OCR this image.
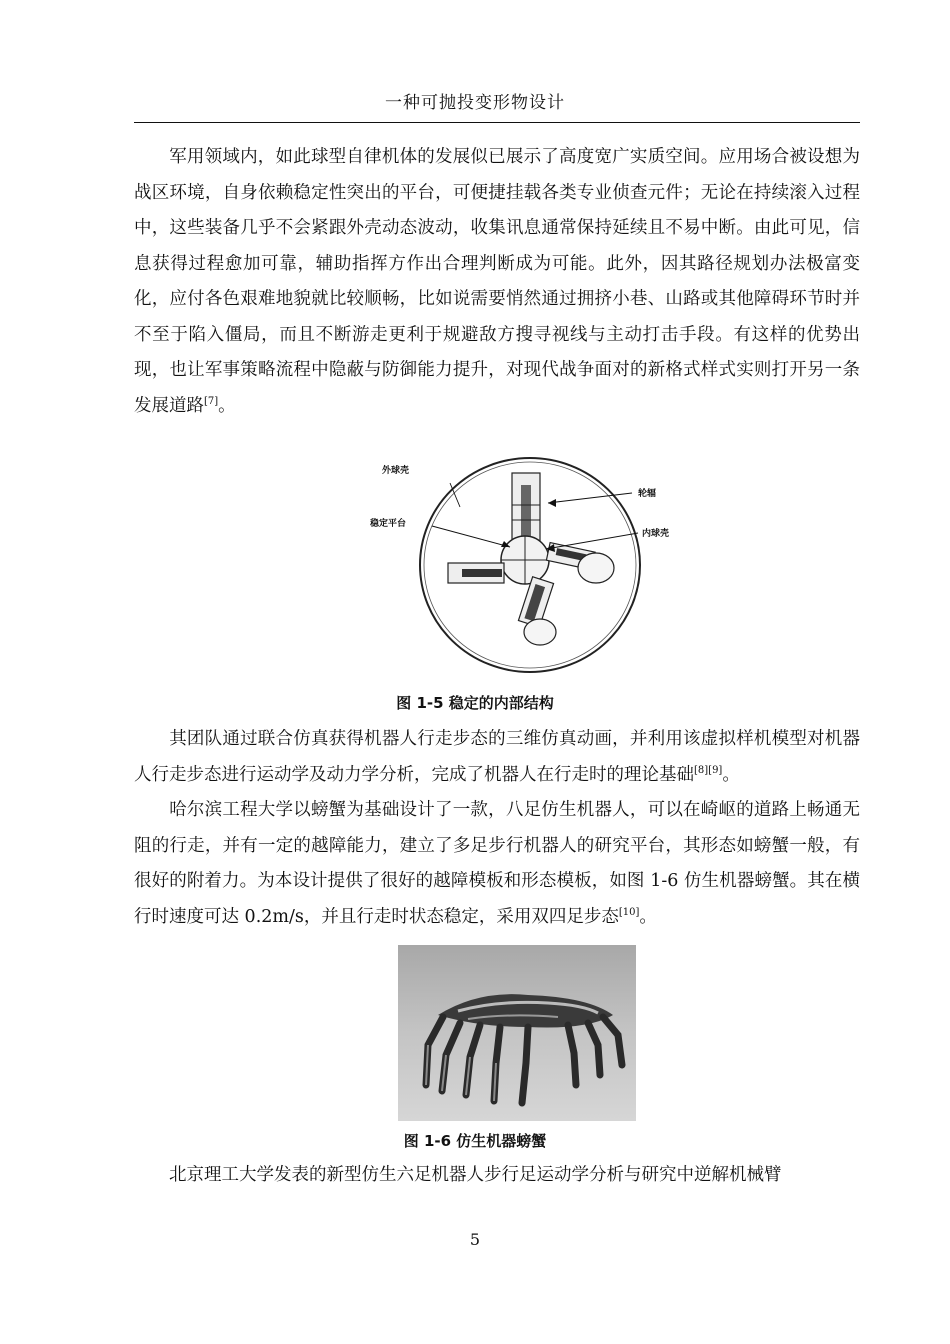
一种可抛投变形物设计

军用领域内，如此球型自律机体的发展似已展示了高度宽广实质空间。应用场合被设想为战区环境，自身依赖稳定性突出的平台，可便捷挂载各类专业侦查元件；无论在持续滚入过程中，这些装备几乎不会紧跟外壳动态波动，收集讯息通常保持延续且不易中断。由此可见，信息获得过程愈加可靠，辅助指挥方作出合理判断成为可能。此外，因其路径规划办法极富变化，应付各色艰难地貌就比较顺畅，比如说需要悄然通过拥挤小巷、山路或其他障碍环节时并不至于陷入僵局，而且不断游走更利于规避敌方搜寻视线与主动打击手段。有这样的优势出现，也让军事策略流程中隐蔽与防御能力提升，对现代战争面对的新格式样式实则打开另一条发展道路[7]。

外球壳
轮辐
稳定平台
内球壳
图 1-5 稳定的内部结构

其团队通过联合仿真获得机器人行走步态的三维仿真动画，并利用该虚拟样机模型对机器人行走步态进行运动学及动力学分析，完成了机器人在行走时的理论基础[8][9]。

哈尔滨工程大学以螃蟹为基础设计了一款，八足仿生机器人，可以在崎岖的道路上畅通无阻的行走，并有一定的越障能力，建立了多足步行机器人的研究平台，其形态如螃蟹一般，有很好的附着力。为本设计提供了很好的越障模板和形态模板，如图 1-6 仿生机器螃蟹。其在横行时速度可达 0.2m/s，并且行走时状态稳定，采用双四足步态[10]。

图 1-6 仿生机器螃蟹

北京理工大学发表的新型仿生六足机器人步行足运动学分析与研究中逆解机械臂

5
